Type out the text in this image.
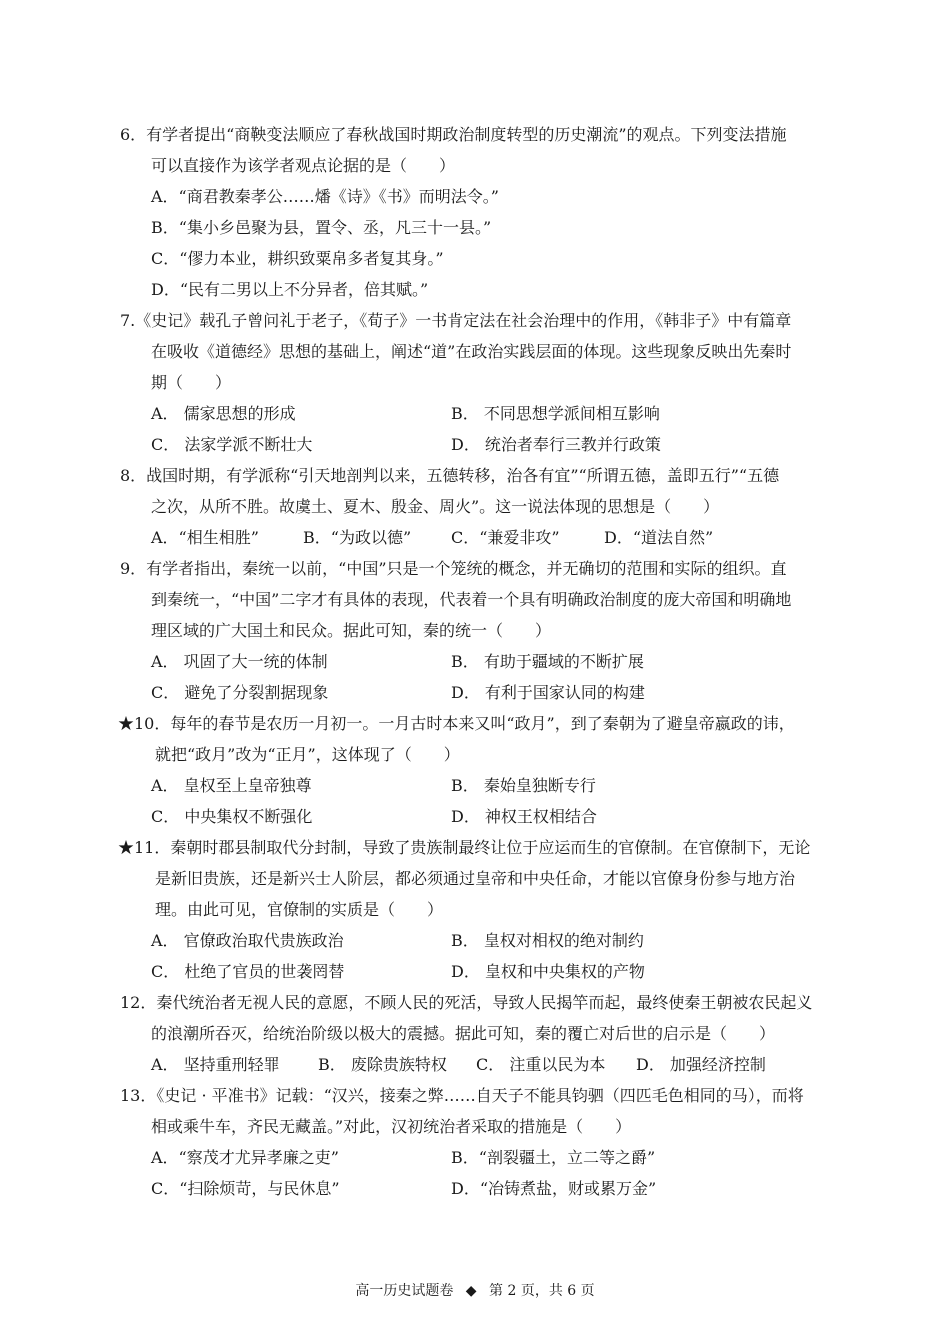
6．有学者提出“商鞅变法顺应了春秋战国时期政治制度转型的历史潮流”的观点。下列变法措施
可以直接作为该学者观点论据的是（　　）
A．“商君教秦孝公……燔《诗》《书》而明法令。”
B．“集小乡邑聚为县，置令、丞，凡三十一县。”
C．“僇力本业，耕织致粟帛多者复其身。”
D．“民有二男以上不分异者，倍其赋。”
7.《史记》载孔子曾问礼于老子，《荀子》一书肯定法在社会治理中的作用，《韩非子》中有篇章
在吸收《道德经》思想的基础上，阐述“道”在政治实践层面的体现。这些现象反映出先秦时
期（　　）
A． 儒家思想的形成	B． 不同思想学派间相互影响
C． 法家学派不断壮大	D． 统治者奉行三教并行政策
8．战国时期，有学派称“引天地剖判以来，五德转移，治各有宜”“所谓五德，盖即五行”“五德
之次，从所不胜。故虞土、夏木、殷金、周火”。这一说法体现的思想是（　　）
A．“相生相胜”	B．“为政以德” C．“兼爱非攻”	D．“道法自然”
9．有学者指出，秦统一以前，“中国”只是一个笼统的概念，并无确切的范围和实际的组织。直
到秦统一，“中国”二字才有具体的表现，代表着一个具有明确政治制度的庞大帝国和明确地
理区域的广大国土和民众。据此可知，秦的统一（　　）
A． 巩固了大一统的体制	B． 有助于疆域的不断扩展
C． 避免了分裂割据现象	D． 有利于国家认同的构建
★10．每年的春节是农历一月初一。一月古时本来又叫“政月”，到了秦朝为了避皇帝嬴政的讳，
就把“政月”改为“正月”，这体现了（　　）
A． 皇权至上皇帝独尊	B． 秦始皇独断专行
C． 中央集权不断强化	D． 神权王权相结合
★11．秦朝时郡县制取代分封制，导致了贵族制最终让位于应运而生的官僚制。在官僚制下，无论
是新旧贵族，还是新兴士人阶层，都必须通过皇帝和中央任命，才能以官僚身份参与地方治
理。由此可见，官僚制的实质是（　　）
A． 官僚政治取代贵族政治	B． 皇权对相权的绝对制约
C． 杜绝了官员的世袭罔替	D． 皇权和中央集权的产物
12．秦代统治者无视人民的意愿，不顾人民的死活，导致人民揭竿而起，最终使秦王朝被农民起义
的浪潮所吞灭，给统治阶级以极大的震撼。据此可知，秦的覆亡对后世的启示是（　　）
A． 坚持重刑轻罪 B． 废除贵族特权 C． 注重以民为本 D． 加强经济控制
13．《史记 · 平准书》记载：“汉兴，接秦之弊……自天子不能具钧驷（四匹毛色相同的马），而将
相或乘牛车，齐民无藏盖。”对此，汉初统治者采取的措施是（　　）
A．“察茂才尤异孝廉之吏”	B．“剖裂疆土，立二等之爵”
C．“扫除烦苛，与民休息”	D．“冶铸煮盐，财或累万金”
高一历史试题卷 ◆ 第 2 页，共 6 页
